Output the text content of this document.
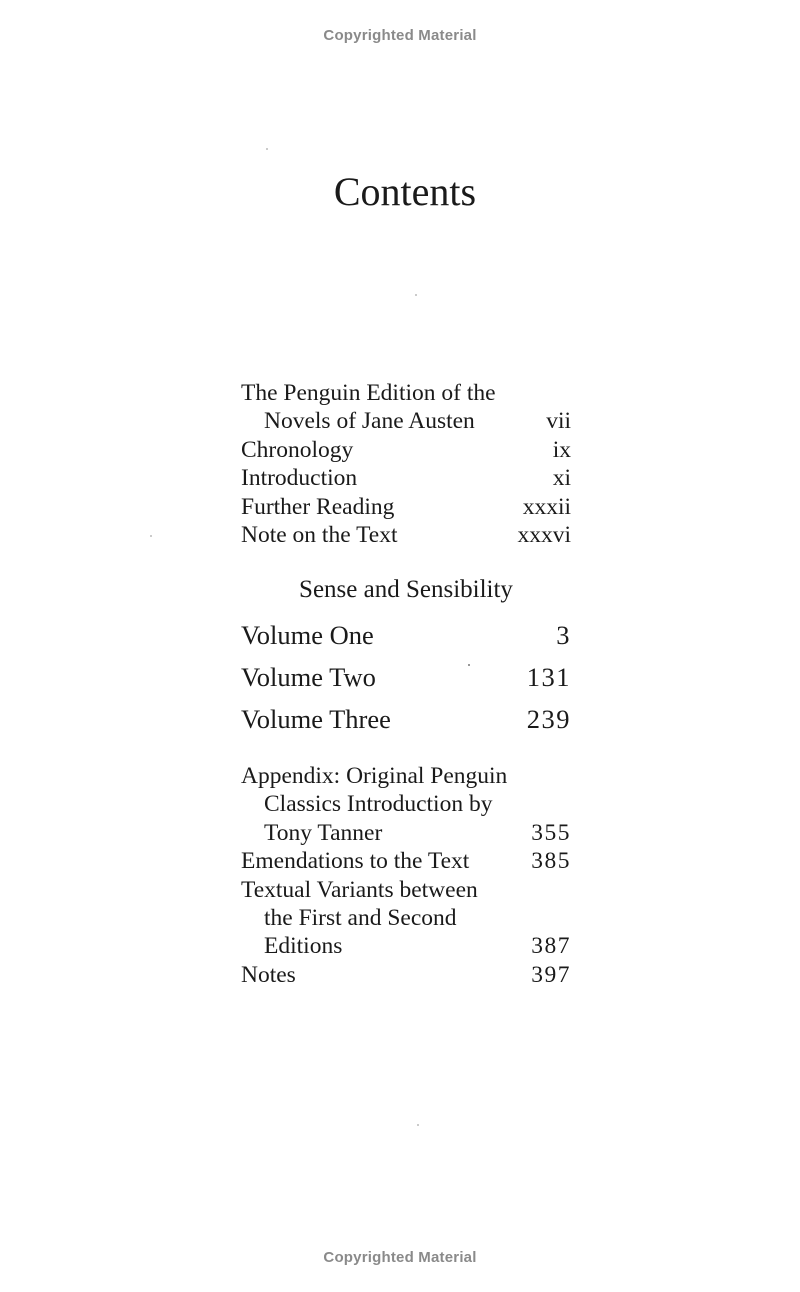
Copyrighted Material
Contents
The Penguin Edition of the
Novels of Jane Austen	vii
Chronology	ix
Introduction	xi
Further Reading	xxxii
Note on the Text	xxxvi
Sense and Sensibility
Volume One	3
Volume Two	131
Volume Three	239
Appendix: Original Penguin
Classics Introduction by
Tony Tanner	355
Emendations to the Text	385
Textual Variants between
the First and Second
Editions	387
Notes	397
Copyrighted Material
